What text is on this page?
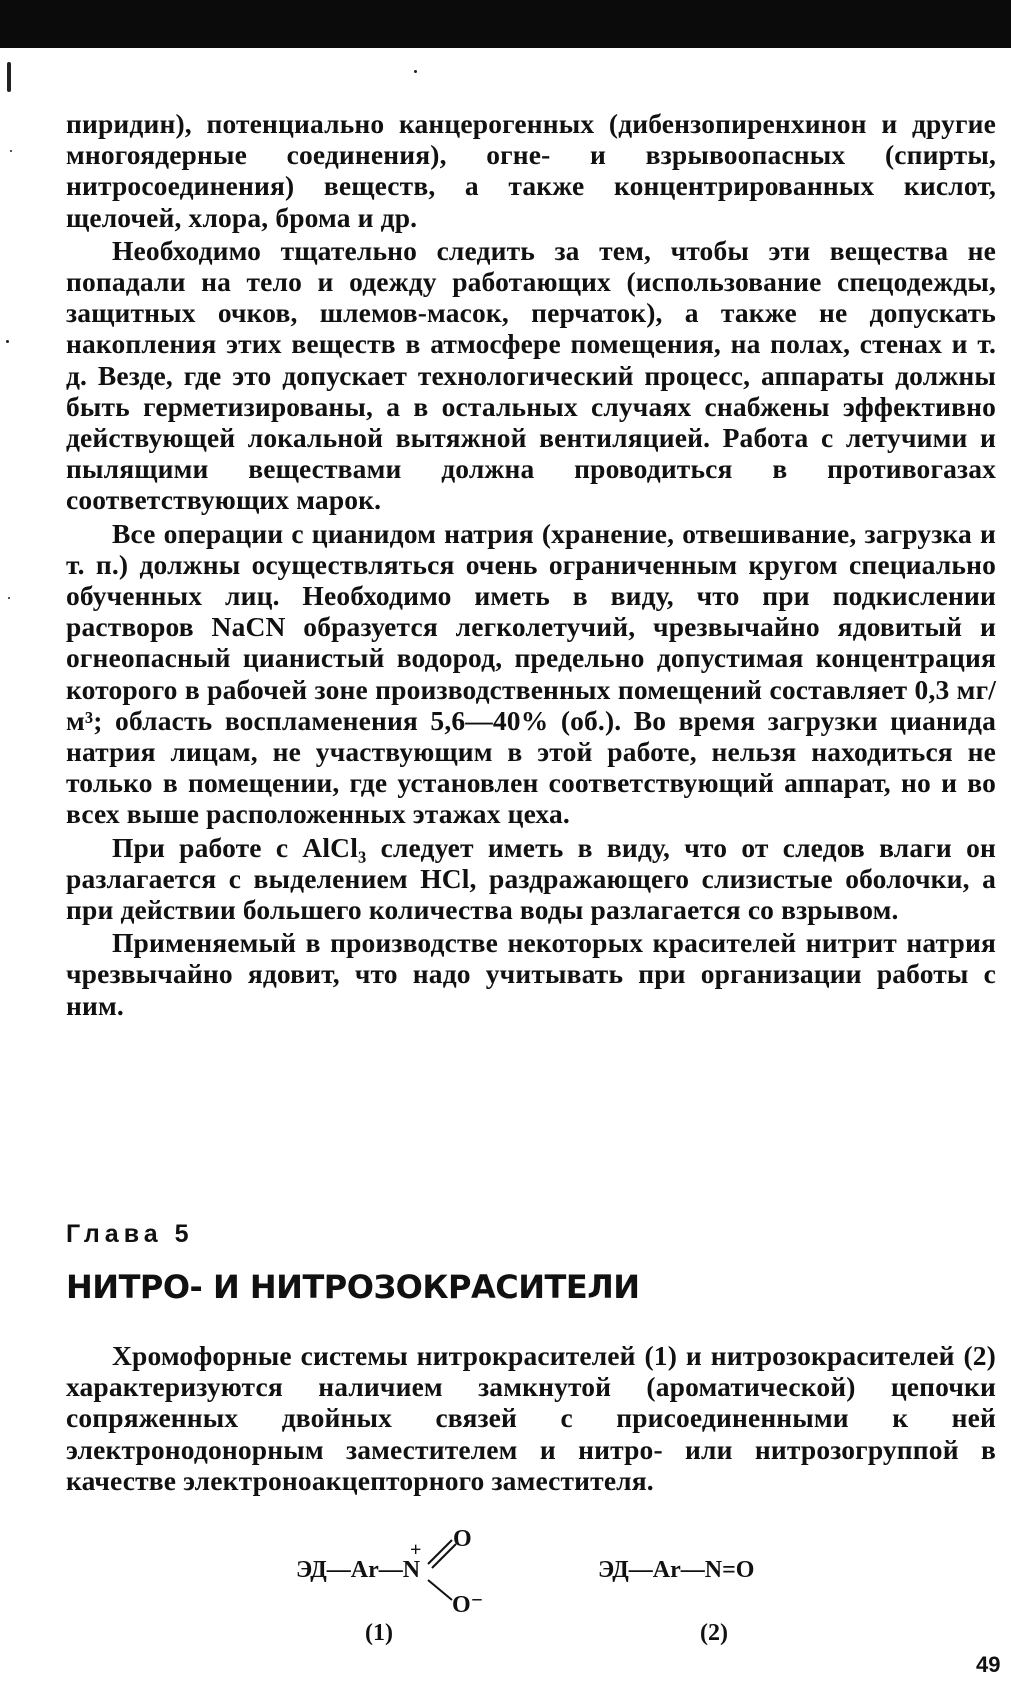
пиридин), потенциально канцерогенных (дибензопиренхинон и другие многоядерные соединения), огне- и взрывоопасных (спирты, нитросоединения) веществ, а также концентрированных кислот, щелочей, хлора, брома и др.

Необходимо тщательно следить за тем, чтобы эти вещества не попадали на тело и одежду работающих (использование спецодежды, защитных очков, шлемов-масок, перчаток), а также не допускать накопления этих веществ в атмосфере помещения, на полах, стенах и т. д. Везде, где это допускает технологический процесс, аппараты должны быть герметизированы, а в остальных случаях снабжены эффективно действующей локальной вытяжной вентиляцией. Работа с летучими и пылящими веществами должна проводиться в противогазах соответствующих марок.

Все операции с цианидом натрия (хранение, отвешивание, загрузка и т. п.) должны осуществляться очень ограниченным кругом специально обученных лиц. Необходимо иметь в виду, что при подкислении растворов NaCN образуется легколетучий, чрезвычайно ядовитый и огнеопасный цианистый водород, предельно допустимая концентрация которого в рабочей зоне производственных помещений составляет 0,3 мг/м³; область воспламенения 5,6—40% (об.). Во время загрузки цианида натрия лицам, не участвующим в этой работе, нельзя находиться не только в помещении, где установлен соответствующий аппарат, но и во всех выше расположенных этажах цеха.

При работе с AlCl₃ следует иметь в виду, что от следов влаги он разлагается с выделением HCl, раздражающего слизистые оболочки, а при действии большего количества воды разлагается со взрывом.

Применяемый в производстве некоторых красителей нитрит натрия чрезвычайно ядовит, что надо учитывать при организации работы с ним.

Глава 5

НИТРО- И НИТРОЗОКРАСИТЕЛИ

Хромофорные системы нитрокрасителей (1) и нитрозокрасителей (2) характеризуются наличием замкнутой (ароматической) цепочки сопряженных двойных связей с присоединенными к ней электронодонорным заместителем и нитро- или нитрозогруппой в качестве электроноакцепторного заместителя.

ЭД—Ar—N
+ O
O⁻
(1)
ЭД—Ar—N=O
(2)

49
